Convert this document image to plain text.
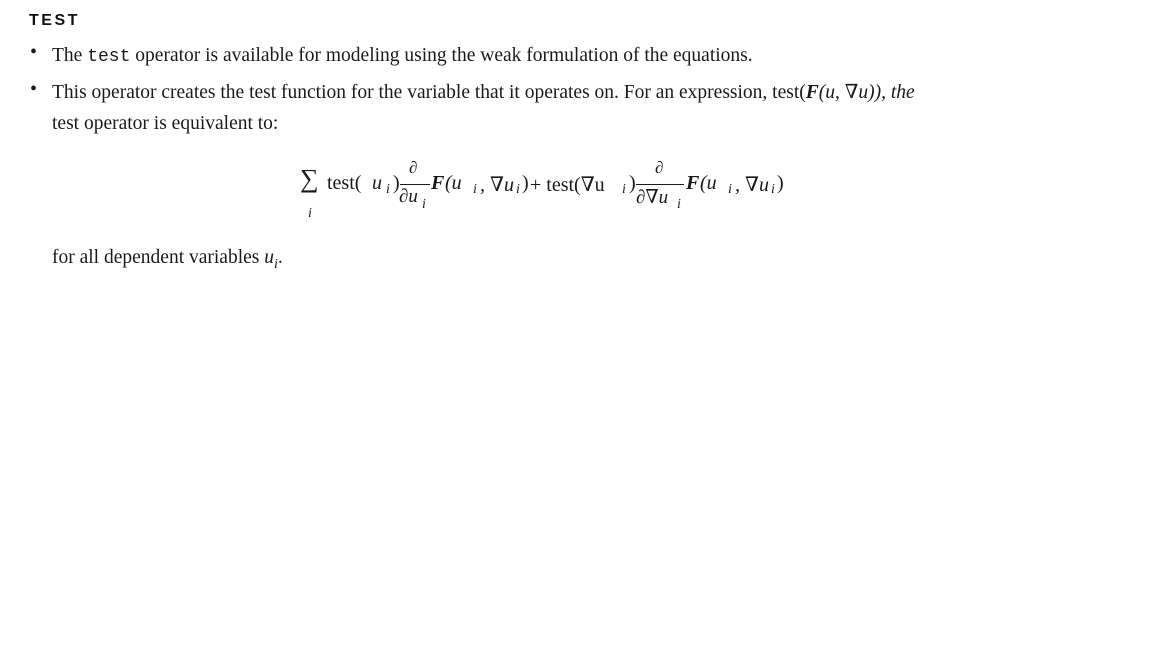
TEST
• The test operator is available for modeling using the weak formulation of the equations.
• This operator creates the test function for the variable that it operates on. For an expression, test(F(u, ∇u)), the
test operator is equivalent to:
∑
i
test( u i )
∂
∂u i
F (u i , ∇u i ) + test(∇u i )
∂
∂∇u i
F (u i , ∇u i )
for all dependent variables $u_i$.
